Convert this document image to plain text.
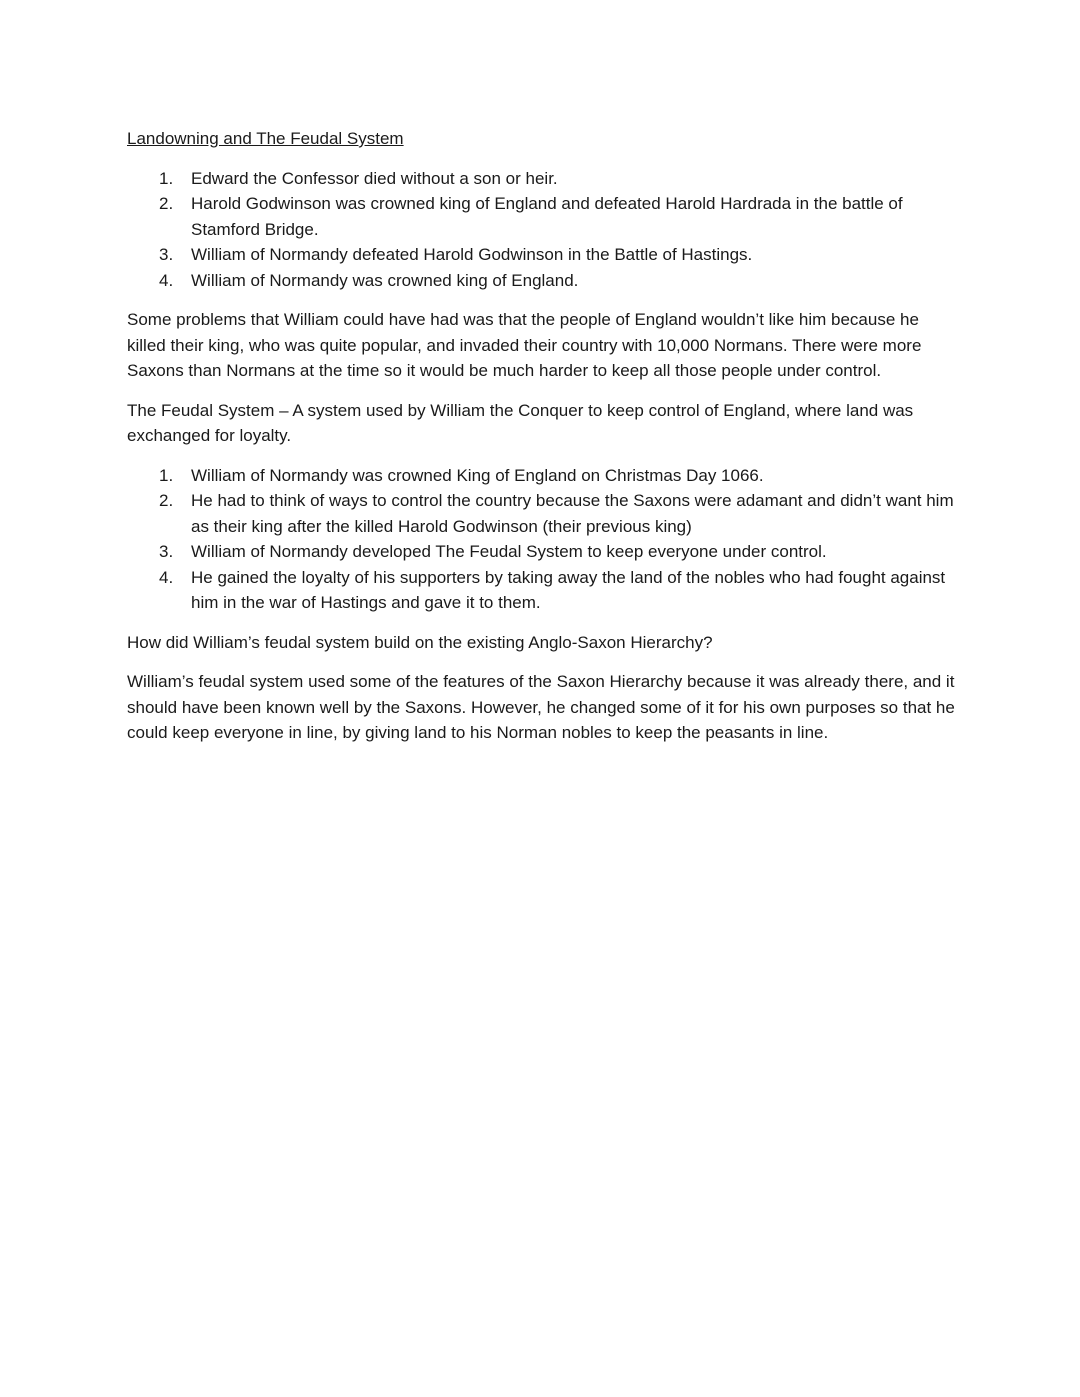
Landowning and The Feudal System
1. Edward the Confessor died without a son or heir.
2. Harold Godwinson was crowned king of England and defeated Harold Hardrada in the battle of Stamford Bridge.
3. William of Normandy defeated Harold Godwinson in the Battle of Hastings.
4. William of Normandy was crowned king of England.

Some problems that William could have had was that the people of England wouldn’t like him because he killed their king, who was quite popular, and invaded their country with 10,000 Normans. There were more Saxons than Normans at the time so it would be much harder to keep all those people under control.

The Feudal System – A system used by William the Conquer to keep control of England, where land was exchanged for loyalty.

1. William of Normandy was crowned King of England on Christmas Day 1066.
2. He had to think of ways to control the country because the Saxons were adamant and didn’t want him as their king after the killed Harold Godwinson (their previous king)
3. William of Normandy developed The Feudal System to keep everyone under control.
4. He gained the loyalty of his supporters by taking away the land of the nobles who had fought against him in the war of Hastings and gave it to them.

How did William’s feudal system build on the existing Anglo-Saxon Hierarchy?

William’s feudal system used some of the features of the Saxon Hierarchy because it was already there, and it should have been known well by the Saxons. However, he changed some of it for his own purposes so that he could keep everyone in line, by giving land to his Norman nobles to keep the peasants in line.
